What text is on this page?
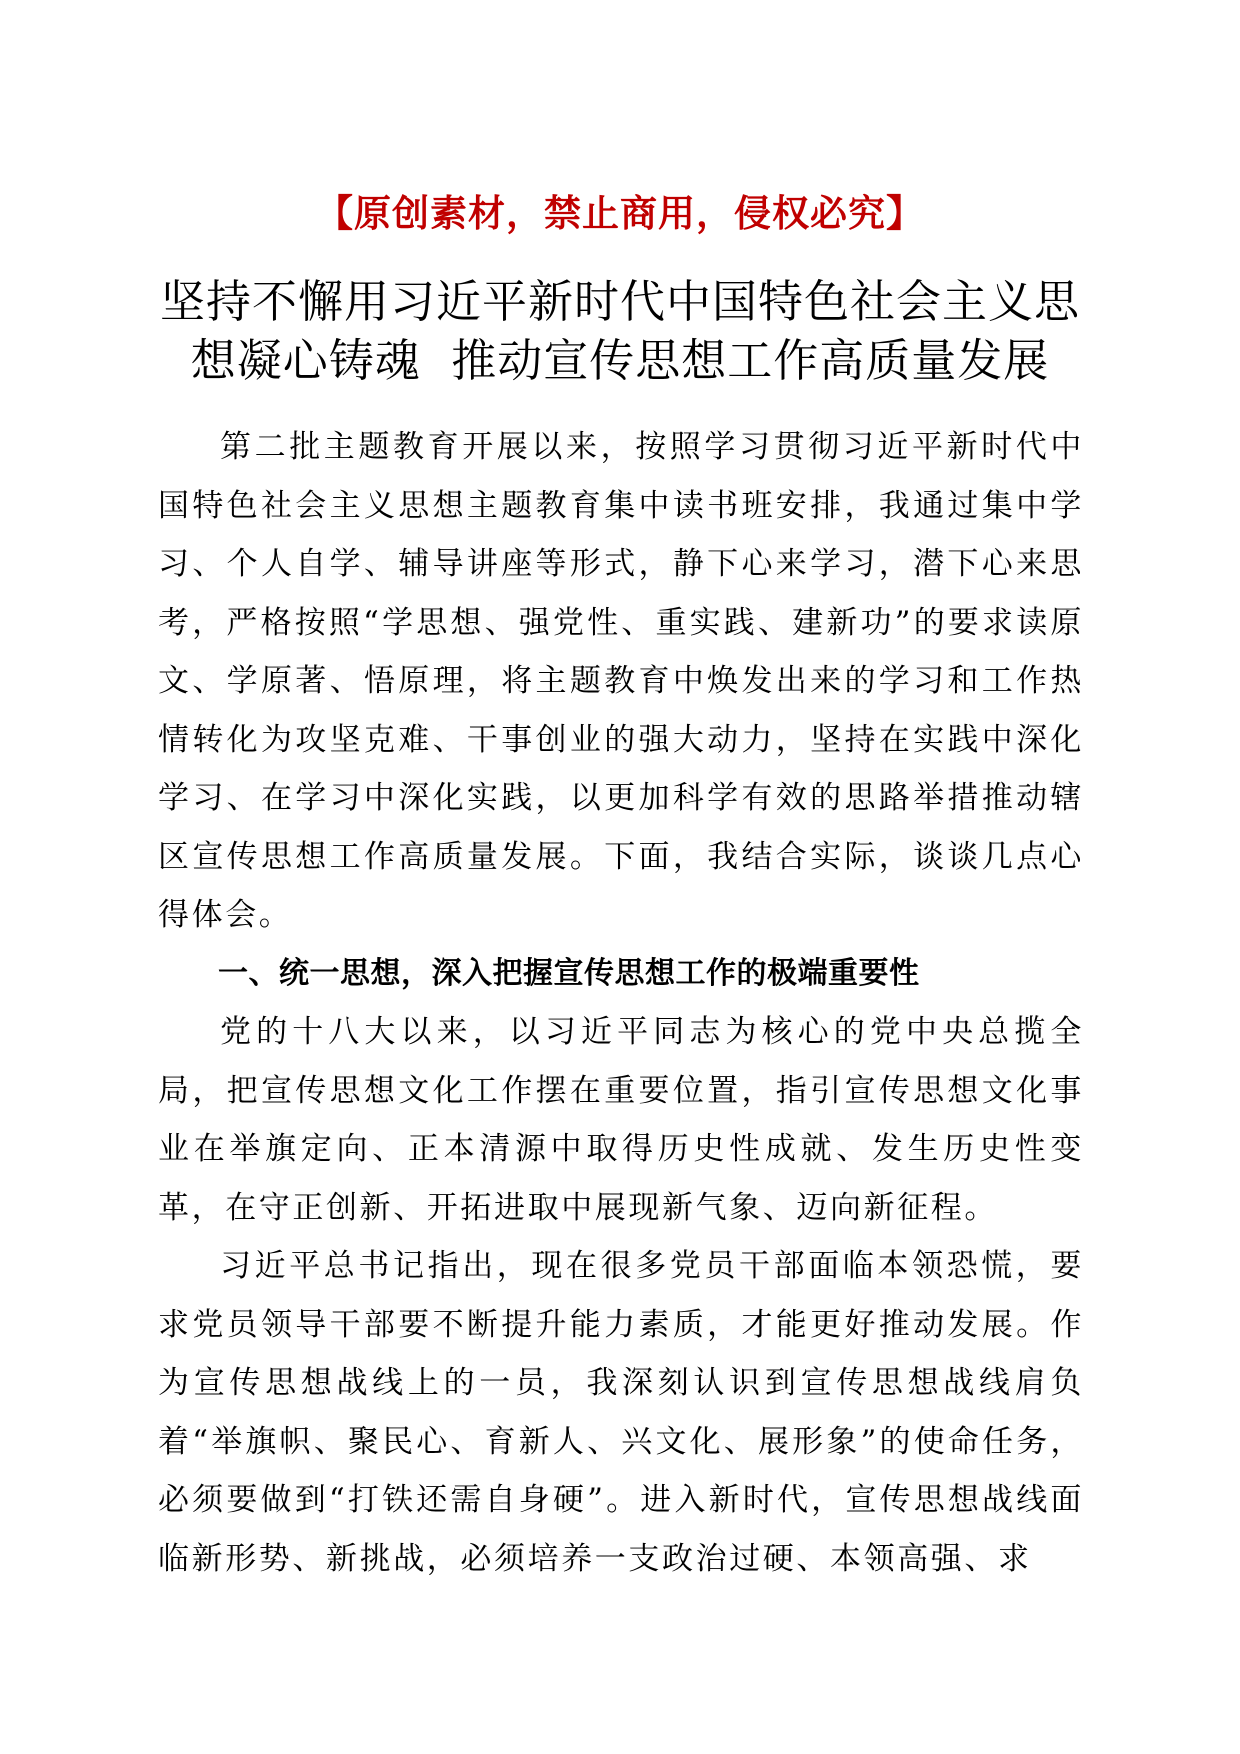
【原创素材，禁止商用，侵权必究】
坚持不懈用习近平新时代中国特色社会主义思
想凝心铸魂  推动宣传思想工作高质量发展

第二批主题教育开展以来，按照学习贯彻习近平新时代中国特色社会主义思想主题教育集中读书班安排，我通过集中学习、个人自学、辅导讲座等形式，静下心来学习，潜下心来思考，严格按照“学思想、强党性、重实践、建新功”的要求读原文、学原著、悟原理，将主题教育中焕发出来的学习和工作热情转化为攻坚克难、干事创业的强大动力，坚持在实践中深化学习、在学习中深化实践，以更加科学有效的思路举措推动辖区宣传思想工作高质量发展。下面，我结合实际，谈谈几点心得体会。

一、统一思想，深入把握宣传思想工作的极端重要性

党的十八大以来，以习近平同志为核心的党中央总揽全局，把宣传思想文化工作摆在重要位置，指引宣传思想文化事业在举旗定向、正本清源中取得历史性成就、发生历史性变革，在守正创新、开拓进取中展现新气象、迈向新征程。

习近平总书记指出，现在很多党员干部面临本领恐慌，要求党员领导干部要不断提升能力素质，才能更好推动发展。作为宣传思想战线上的一员，我深刻认识到宣传思想战线肩负着“举旗帜、聚民心、育新人、兴文化、展形象”的使命任务，必须要做到“打铁还需自身硬”。进入新时代，宣传思想战线面临新形势、新挑战，必须培养一支政治过硬、本领高强、求
